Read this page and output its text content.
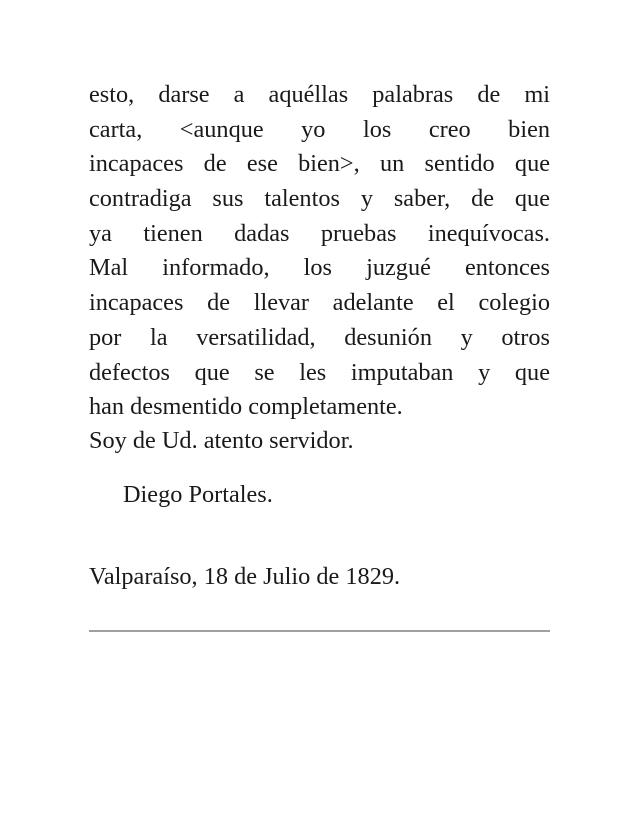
esto, darse a aquéllas palabras de mi
carta, <aunque yo los creo bien
incapaces de ese bien>, un sentido que
contradiga sus talentos y saber, de que
ya tienen dadas pruebas inequívocas.
Mal informado, los juzgué entonces
incapaces de llevar adelante el colegio
por la versatilidad, desunión y otros
defectos que se les imputaban y que
han desmentido completamente.

Soy de Ud. atento servidor.

Diego Portales.

Valparaíso, 18 de Julio de 1829.
